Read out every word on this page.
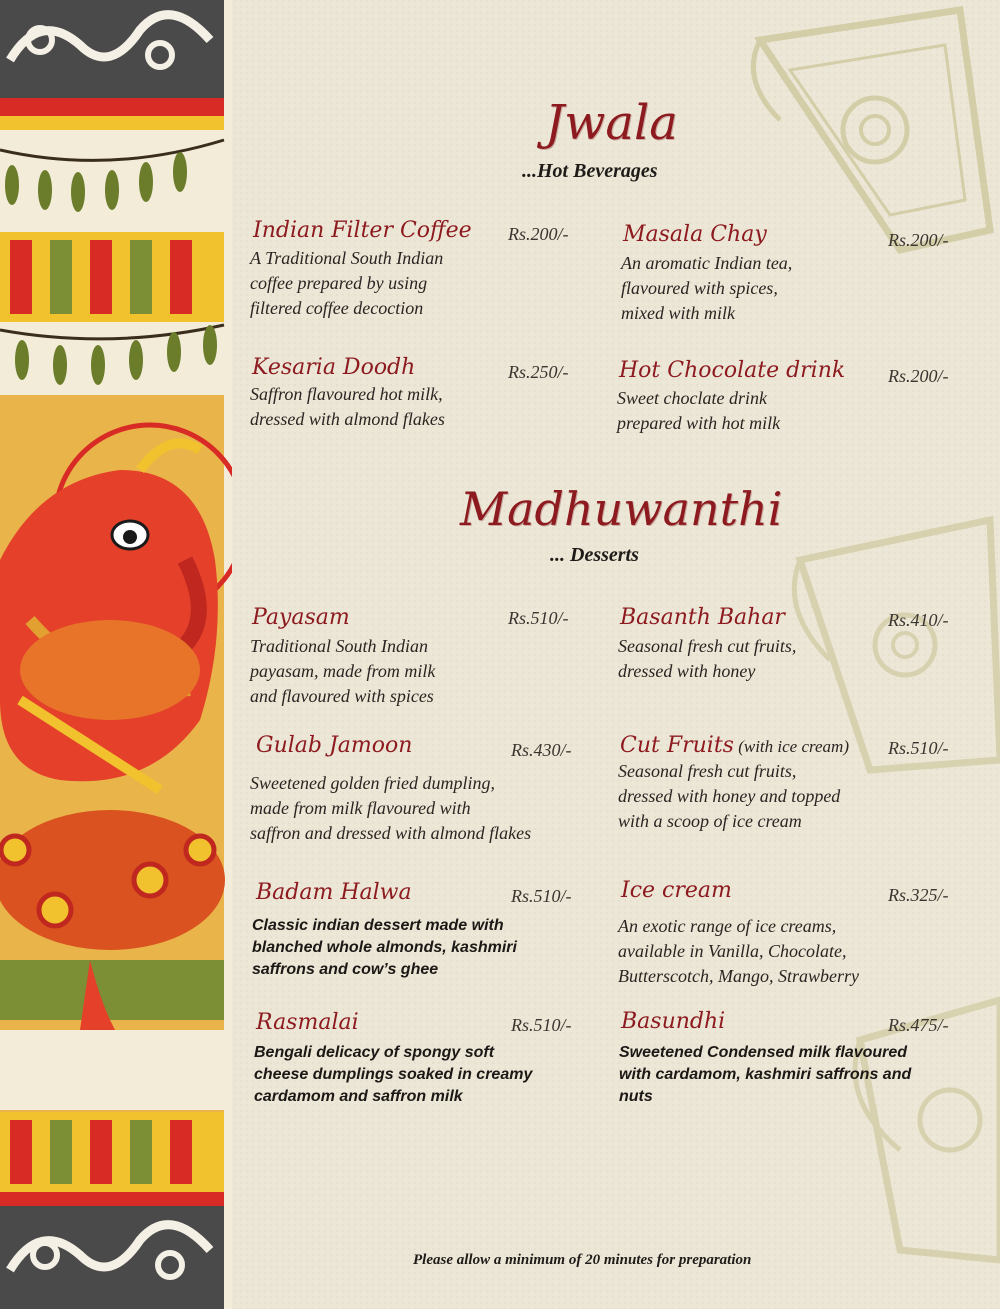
Jwala
...Hot Beverages
Indian Filter Coffee Rs.200/-
A Traditional South Indian
coffee prepared by using
filtered coffee decoction
Masala Chay	Rs.200/-
An aromatic Indian tea,
flavoured with spices,
mixed with milk
Kesaria Doodh	Rs.250/-
Saffron flavoured hot milk,
dressed with almond flakes
Hot Chocolate drink Rs.200/-
Sweet choclate drink
prepared with hot milk
Madhuwanthi
... Desserts
Payasam	Rs.510/-
Traditional South Indian
payasam, made from milk
and flavoured with spices
Basanth Bahar	Rs.410/-
Seasonal fresh cut fruits,
dressed with honey
Gulab Jamoon	Rs.430/-
Sweetened golden fried dumpling,
made from milk flavoured with
saffron and dressed with almond flakes
Cut Fruits (with ice cream) Rs.510/-
Seasonal fresh cut fruits,
dressed with honey and topped
with a scoop of ice cream
Badam Halwa	Rs.510/-
Classic indian dessert made with
blanched whole almonds, kashmiri
saffrons and cow’s ghee
Ice cream	Rs.325/-
An exotic range of ice creams,
available in Vanilla, Chocolate,
Butterscotch, Mango, Strawberry
Rasmalai	Rs.510/-
Bengali delicacy of spongy soft
cheese dumplings soaked in creamy
cardamom and saffron milk
Basundhi	Rs.475/-
Sweetened Condensed milk flavoured
with cardamom, kashmiri saffrons and
nuts
Please allow a minimum of 20 minutes for preparation
